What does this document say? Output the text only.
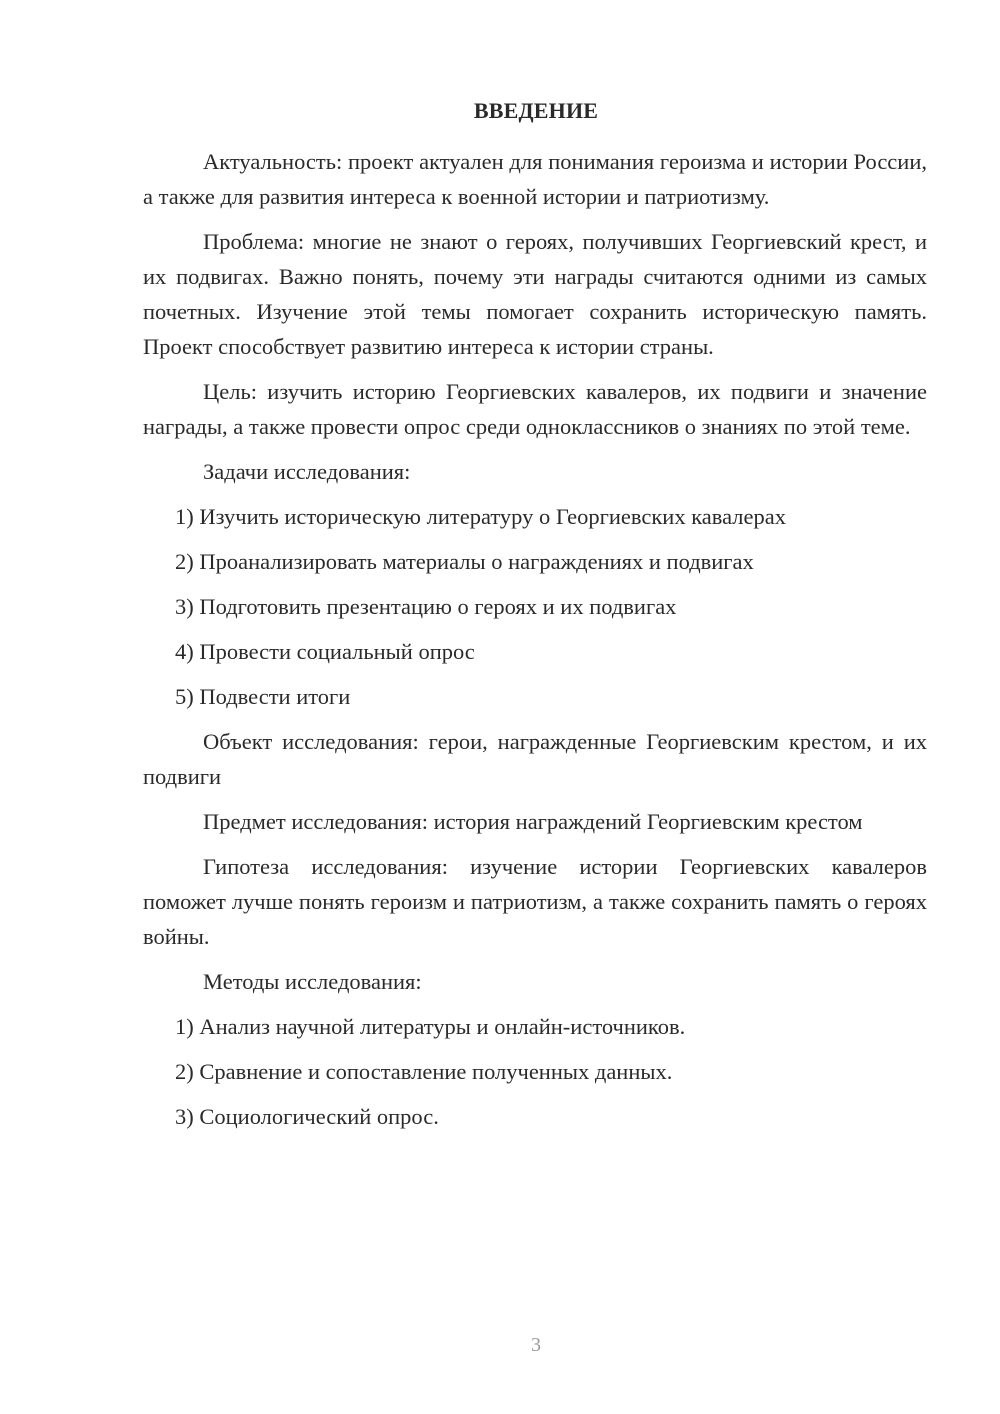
ВВЕДЕНИЕ

Актуальность: проект актуален для понимания героизма и истории России, а также для развития интереса к военной истории и патриотизму.

Проблема: многие не знают о героях, получивших Георгиевский крест, и их подвигах. Важно понять, почему эти награды считаются одними из самых почетных. Изучение этой темы помогает сохранить историческую память. Проект способствует развитию интереса к истории страны.

Цель: изучить историю Георгиевских кавалеров, их подвиги и значение награды, а также провести опрос среди одноклассников о знаниях по этой теме.

Задачи исследования:

1) Изучить историческую литературу о Георгиевских кавалерах
2) Проанализировать материалы о награждениях и подвигах
3) Подготовить презентацию о героях и их подвигах
4) Провести социальный опрос
5) Подвести итоги

Объект исследования: герои, награжденные Георгиевским крестом, и их подвиги

Предмет исследования: история награждений Георгиевским крестом

Гипотеза исследования: изучение истории Георгиевских кавалеров поможет лучше понять героизм и патриотизм, а также сохранить память о героях войны.

Методы исследования:

1) Анализ научной литературы и онлайн-источников.
2) Сравнение и сопоставление полученных данных.
3) Социологический опрос.
3
